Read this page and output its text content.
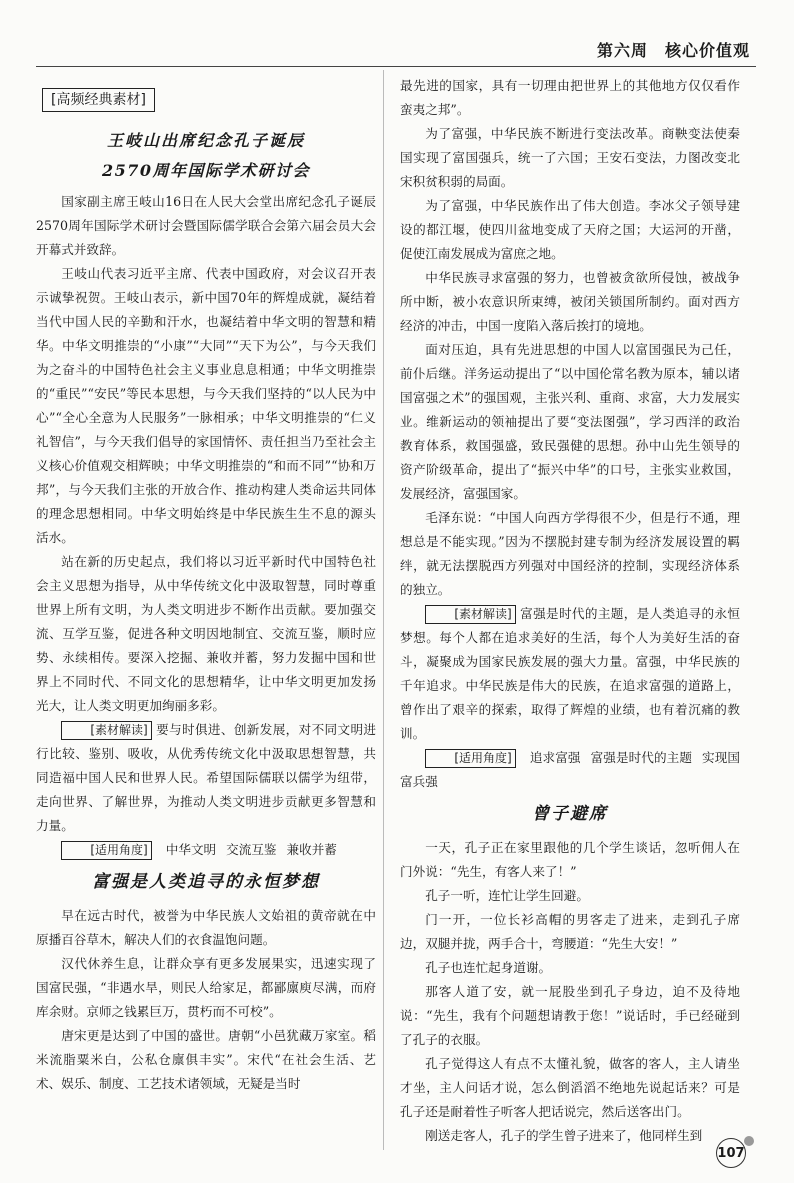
第六周　核心价值观
[高频经典素材]
王岐山出席纪念孔子诞辰
2570周年国际学术研讨会

国家副主席王岐山16日在人民大会堂出席纪念孔子诞辰2570周年国际学术研讨会暨国际儒学联合会第六届会员大会开幕式并致辞。

王岐山代表习近平主席、代表中国政府，对会议召开表示诚挚祝贺。王岐山表示，新中国70年的辉煌成就，凝结着当代中国人民的辛勤和汗水，也凝结着中华文明的智慧和精华。中华文明推崇的“小康”“大同”“天下为公”，与今天我们为之奋斗的中国特色社会主义事业息息相通；中华文明推崇的“重民”“安民”等民本思想，与今天我们坚持的“以人民为中心”“全心全意为人民服务”一脉相承；中华文明推崇的“仁义礼智信”，与今天我们倡导的家国情怀、责任担当乃至社会主义核心价值观交相辉映；中华文明推崇的“和而不同”“协和万邦”，与今天我们主张的开放合作、推动构建人类命运共同体的理念思想相同。中华文明始终是中华民族生生不息的源头活水。

站在新的历史起点，我们将以习近平新时代中国特色社会主义思想为指导，从中华传统文化中汲取智慧，同时尊重世界上所有文明，为人类文明进步不断作出贡献。要加强交流、互学互鉴，促进各种文明因地制宜、交流互鉴，顺时应势、永续相传。要深入挖掘、兼收并蓄，努力发掘中国和世界上不同时代、不同文化的思想精华，让中华文明更加发扬光大，让人类文明更加绚丽多彩。

[素材解读] 要与时俱进、创新发展，对不同文明进行比较、鉴别、吸收，从优秀传统文化中汲取思想智慧，共同造福中国人民和世界人民。希望国际儒联以儒学为纽带，走向世界、了解世界，为推动人类文明进步贡献更多智慧和力量。

[适用角度] 中华文明 交流互鉴 兼收并蓄

富强是人类追寻的永恒梦想

早在远古时代，被誉为中华民族人文始祖的黄帝就在中原播百谷草木，解决人们的衣食温饱问题。

汉代休养生息，让群众享有更多发展果实，迅速实现了国富民强，“非遇水旱，则民人给家足，都鄙廪庾尽满，而府库余财。京师之钱累巨万，贯朽而不可校”。

唐宋更是达到了中国的盛世。唐朝“小邑犹藏万家室。稻米流脂粟米白，公私仓廪俱丰实”。宋代“在社会生活、艺术、娱乐、制度、工艺技术诸领域，无疑是当时

最先进的国家，具有一切理由把世界上的其他地方仅仅看作蛮夷之邦”。

为了富强，中华民族不断进行变法改革。商鞅变法使秦国实现了富国强兵，统一了六国；王安石变法，力图改变北宋积贫积弱的局面。

为了富强，中华民族作出了伟大创造。李冰父子领导建设的都江堰，使四川盆地变成了天府之国；大运河的开凿，促使江南发展成为富庶之地。

中华民族寻求富强的努力，也曾被贪欲所侵蚀，被战争所中断，被小农意识所束缚，被闭关锁国所制约。面对西方经济的冲击，中国一度陷入落后挨打的境地。

面对压迫，具有先进思想的中国人以富国强民为己任，前仆后继。洋务运动提出了“以中国伦常名教为原本，辅以诸国富强之术”的强国观，主张兴利、重商、求富，大力发展实业。维新运动的领袖提出了要“变法图强”，学习西洋的政治教育体系，救国强盛，致民强健的思想。孙中山先生领导的资产阶级革命，提出了“振兴中华”的口号，主张实业救国，发展经济，富强国家。

毛泽东说：“中国人向西方学得很不少，但是行不通，理想总是不能实现。”因为不摆脱封建专制为经济发展设置的羁绊，就无法摆脱西方列强对中国经济的控制，实现经济体系的独立。

[素材解读] 富强是时代的主题，是人类追寻的永恒梦想。每个人都在追求美好的生活，每个人为美好生活的奋斗，凝聚成为国家民族发展的强大力量。富强，中华民族的千年追求。中华民族是伟大的民族，在追求富强的道路上，曾作出了艰辛的探索，取得了辉煌的业绩，也有着沉痛的教训。

[适用角度] 追求富强 富强是时代的主题 实现国富兵强

曾子避席

一天，孔子正在家里跟他的几个学生谈话，忽听佣人在门外说：“先生，有客人来了！”

孔子一听，连忙让学生回避。

门一开，一位长衫高帽的男客走了进来，走到孔子席边，双腿并拢，两手合十，弯腰道：“先生大安！”

孔子也连忙起身道谢。

那客人道了安，就一屁股坐到孔子身边，迫不及待地说：“先生，我有个问题想请教于您！”说话时，手已经碰到了孔子的衣服。

孔子觉得这人有点不太懂礼貌，做客的客人，主人请坐才坐，主人问话才说，怎么倒滔滔不绝地先说起话来？可是孔子还是耐着性子听客人把话说完，然后送客出门。

刚送走客人，孔子的学生曾子进来了，他同样生到

107
